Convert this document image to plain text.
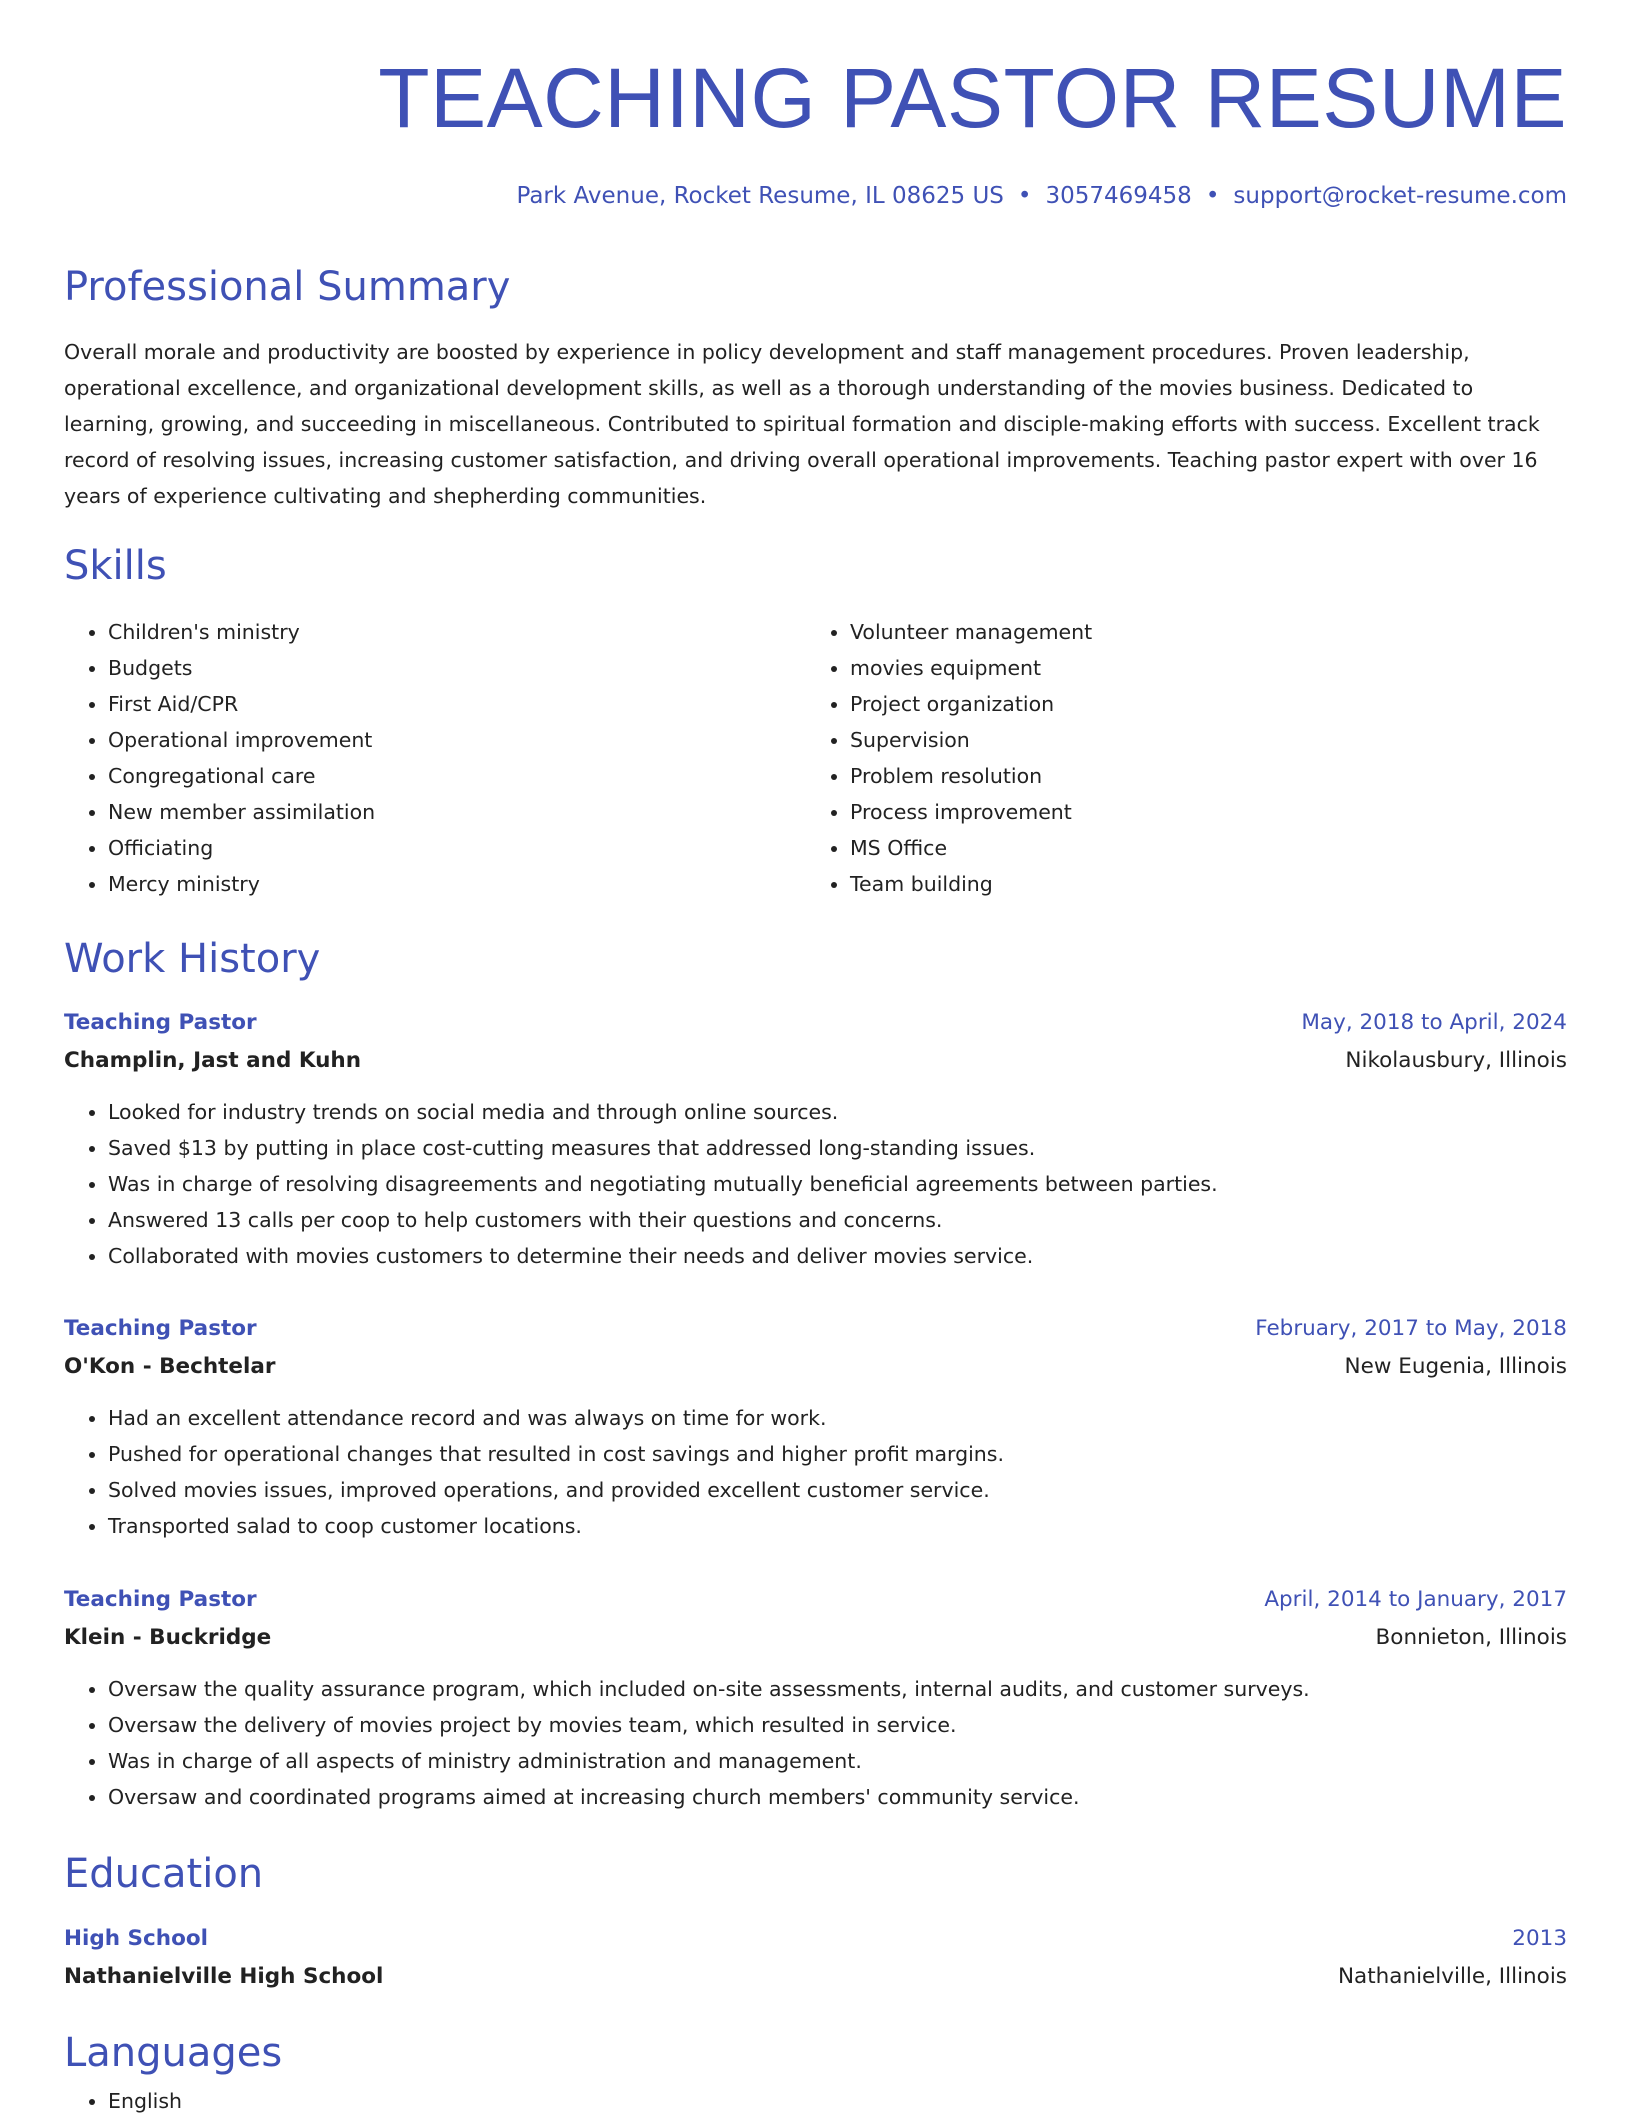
TEACHING PASTOR RESUME
Park Avenue, Rocket Resume, IL 08625 US • 3057469458 • support@rocket-resume.com
Professional Summary

Overall morale and productivity are boosted by experience in policy development and staff management procedures. Proven leadership, operational excellence, and organizational development skills, as well as a thorough understanding of the movies business. Dedicated to learning, growing, and succeeding in miscellaneous. Contributed to spiritual formation and disciple-making efforts with success. Excellent track record of resolving issues, increasing customer satisfaction, and driving overall operational improvements. Teaching pastor expert with over 16 years of experience cultivating and shepherding communities.

Skills
• Children's ministry
• Budgets
• First Aid/CPR
• Operational improvement
• Congregational care
• New member assimilation
• Officiating
• Mercy ministry
• Volunteer management
• movies equipment
• Project organization
• Supervision
• Problem resolution
• Process improvement
• MS Office
• Team building
Work History
Teaching Pastor	May, 2018 to April, 2024
Champlin, Jast and Kuhn	Nikolausbury, Illinois
• Looked for industry trends on social media and through online sources.
• Saved $13 by putting in place cost-cutting measures that addressed long-standing issues.
• Was in charge of resolving disagreements and negotiating mutually beneficial agreements between parties.
• Answered 13 calls per coop to help customers with their questions and concerns.
• Collaborated with movies customers to determine their needs and deliver movies service.
Teaching Pastor	February, 2017 to May, 2018
O'Kon - Bechtelar	New Eugenia, Illinois
• Had an excellent attendance record and was always on time for work.
• Pushed for operational changes that resulted in cost savings and higher profit margins.
• Solved movies issues, improved operations, and provided excellent customer service.
• Transported salad to coop customer locations.
Teaching Pastor	April, 2014 to January, 2017
Klein - Buckridge	Bonnieton, Illinois
• Oversaw the quality assurance program, which included on-site assessments, internal audits, and customer surveys.
• Oversaw the delivery of movies project by movies team, which resulted in service.
• Was in charge of all aspects of ministry administration and management.
• Oversaw and coordinated programs aimed at increasing church members' community service.
Education
High School	2013
Nathanielville High School	Nathanielville, Illinois
Languages
• English
